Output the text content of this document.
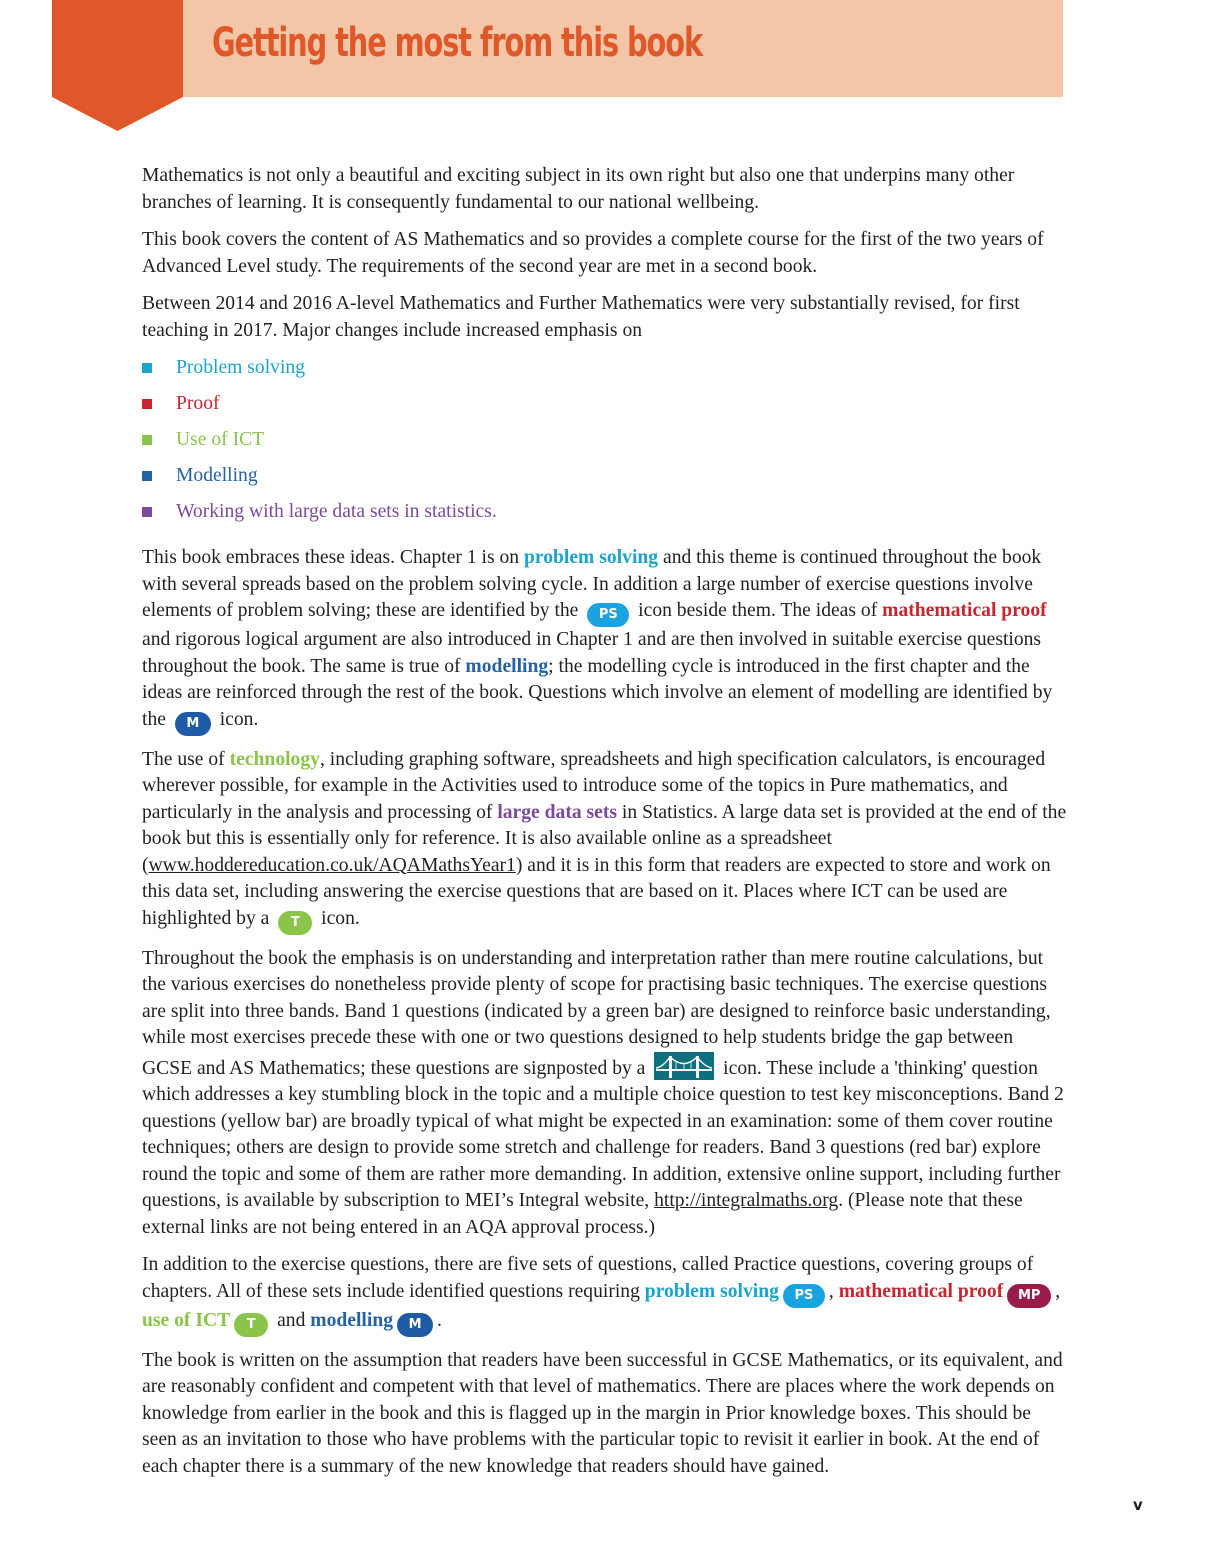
Getting the most from this book

Mathematics is not only a beautiful and exciting subject in its own right but also one that underpins many other branches of learning. It is consequently fundamental to our national wellbeing.

This book covers the content of AS Mathematics and so provides a complete course for the first of the two years of Advanced Level study. The requirements of the second year are met in a second book.

Between 2014 and 2016 A-level Mathematics and Further Mathematics were very substantially revised, for first teaching in 2017. Major changes include increased emphasis on

Problem solving
Proof
Use of ICT
Modelling
Working with large data sets in statistics.

This book embraces these ideas. Chapter 1 is on problem solving and this theme is continued throughout the book with several spreads based on the problem solving cycle. In addition a large number of exercise questions involve elements of problem solving; these are identified by the PS icon beside them. The ideas of mathematical proof and rigorous logical argument are also introduced in Chapter 1 and are then involved in suitable exercise questions throughout the book. The same is true of modelling; the modelling cycle is introduced in the first chapter and the ideas are reinforced through the rest of the book. Questions which involve an element of modelling are identified by the M icon.

The use of technology, including graphing software, spreadsheets and high specification calculators, is encouraged wherever possible, for example in the Activities used to introduce some of the topics in Pure mathematics, and particularly in the analysis and processing of large data sets in Statistics. A large data set is provided at the end of the book but this is essentially only for reference. It is also available online as a spreadsheet (www.hoddereducation.co.uk/AQAMathsYear1) and it is in this form that readers are expected to store and work on this data set, including answering the exercise questions that are based on it. Places where ICT can be used are highlighted by a T icon.

Throughout the book the emphasis is on understanding and interpretation rather than mere routine calculations, but the various exercises do nonetheless provide plenty of scope for practising basic techniques. The exercise questions are split into three bands. Band 1 questions (indicated by a green bar) are designed to reinforce basic understanding, while most exercises precede these with one or two questions designed to help students bridge the gap between GCSE and AS Mathematics; these questions are signposted by a	icon. These include a 'thinking' question which addresses a key stumbling block in the topic and a multiple choice question to test key misconceptions. Band 2 questions (yellow bar) are broadly typical of what might be expected in an examination: some of them cover routine techniques; others are design to provide some stretch and challenge for readers. Band 3 questions (red bar) explore round the topic and some of them are rather more demanding. In addition, extensive online support, including further questions, is available by subscription to MEI’s Integral website, http://integralmaths.org. (Please note that these external links are not being entered in an AQA approval process.)

In addition to the exercise questions, there are five sets of questions, called Practice questions, covering groups of chapters. All of these sets include identified questions requiring problem solving PS , mathematical proof MP , use of ICT T and modelling M .

The book is written on the assumption that readers have been successful in GCSE Mathematics, or its equivalent, and are reasonably confident and competent with that level of mathematics. There are places where the work depends on knowledge from earlier in the book and this is flagged up in the margin in Prior knowledge boxes. This should be seen as an invitation to those who have problems with the particular topic to revisit it earlier in book. At the end of each chapter there is a summary of the new knowledge that readers should have gained.

v
